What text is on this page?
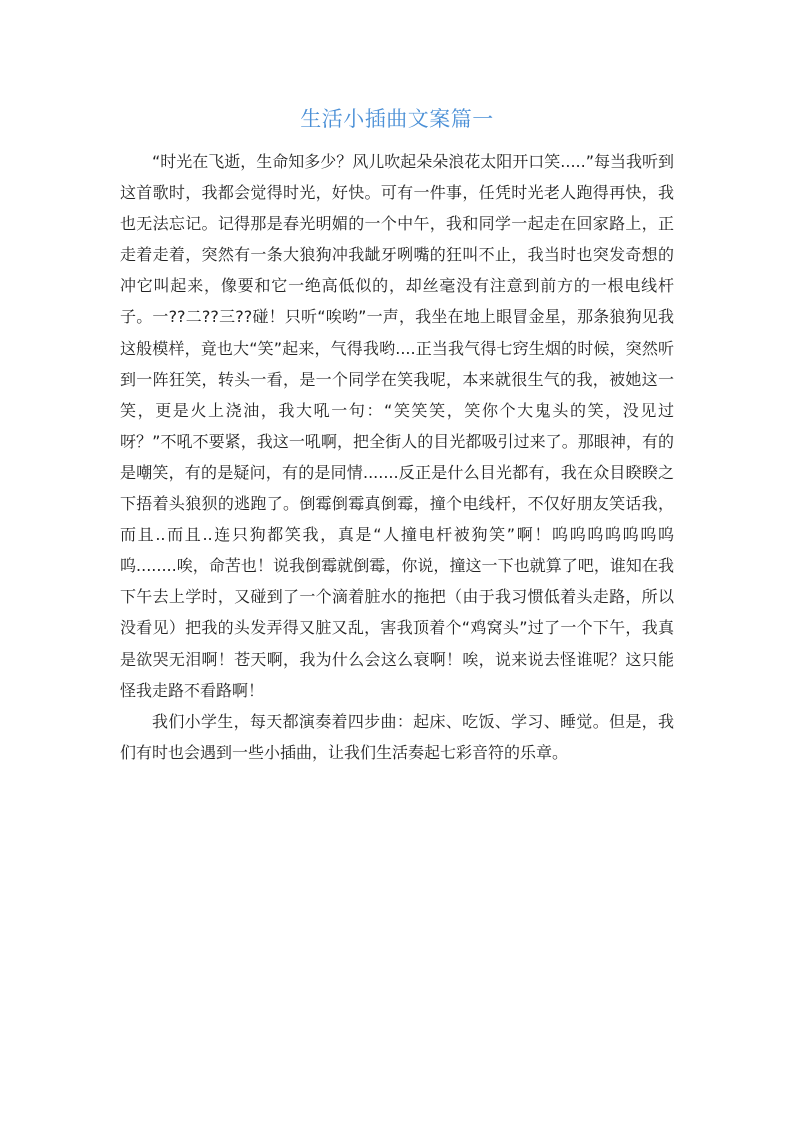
生活小插曲文案篇一

“时光在飞逝，生命知多少？风儿吹起朵朵浪花太阳开口笑.....”每当我听到这首歌时，我都会觉得时光，好快。可有一件事，任凭时光老人跑得再快，我也无法忘记。记得那是春光明媚的一个中午，我和同学一起走在回家路上，正走着走着，突然有一条大狼狗冲我龇牙咧嘴的狂叫不止，我当时也突发奇想的冲它叫起来，像要和它一绝高低似的，却丝毫没有注意到前方的一根电线杆子。一??二??三??碰！只听“唉哟”一声，我坐在地上眼冒金星，那条狼狗见我这般模样，竟也大“笑”起来，气得我哟....正当我气得七窍生烟的时候，突然听到一阵狂笑，转头一看，是一个同学在笑我呢，本来就很生气的我，被她这一笑，更是火上浇油，我大吼一句：“笑笑笑，笑你个大鬼头的笑，没见过呀？”不吼不要紧，我这一吼啊，把全街人的目光都吸引过来了。那眼神，有的是嘲笑，有的是疑问，有的是同情.......反正是什么目光都有，我在众目睽睽之下捂着头狼狈的逃跑了。倒霉倒霉真倒霉，撞个电线杆，不仅好朋友笑话我，而且..而且..连只狗都笑我，真是“人撞电杆被狗笑”啊！呜呜呜呜呜呜呜呜........唉，命苦也！说我倒霉就倒霉，你说，撞这一下也就算了吧，谁知在我下午去上学时，又碰到了一个滴着脏水的拖把（由于我习惯低着头走路，所以没看见）把我的头发弄得又脏又乱，害我顶着个“鸡窝头”过了一个下午，我真是欲哭无泪啊！苍天啊，我为什么会这么衰啊！唉，说来说去怪谁呢？这只能怪我走路不看路啊！

我们小学生，每天都演奏着四步曲：起床、吃饭、学习、睡觉。但是，我们有时也会遇到一些小插曲，让我们生活奏起七彩音符的乐章。
